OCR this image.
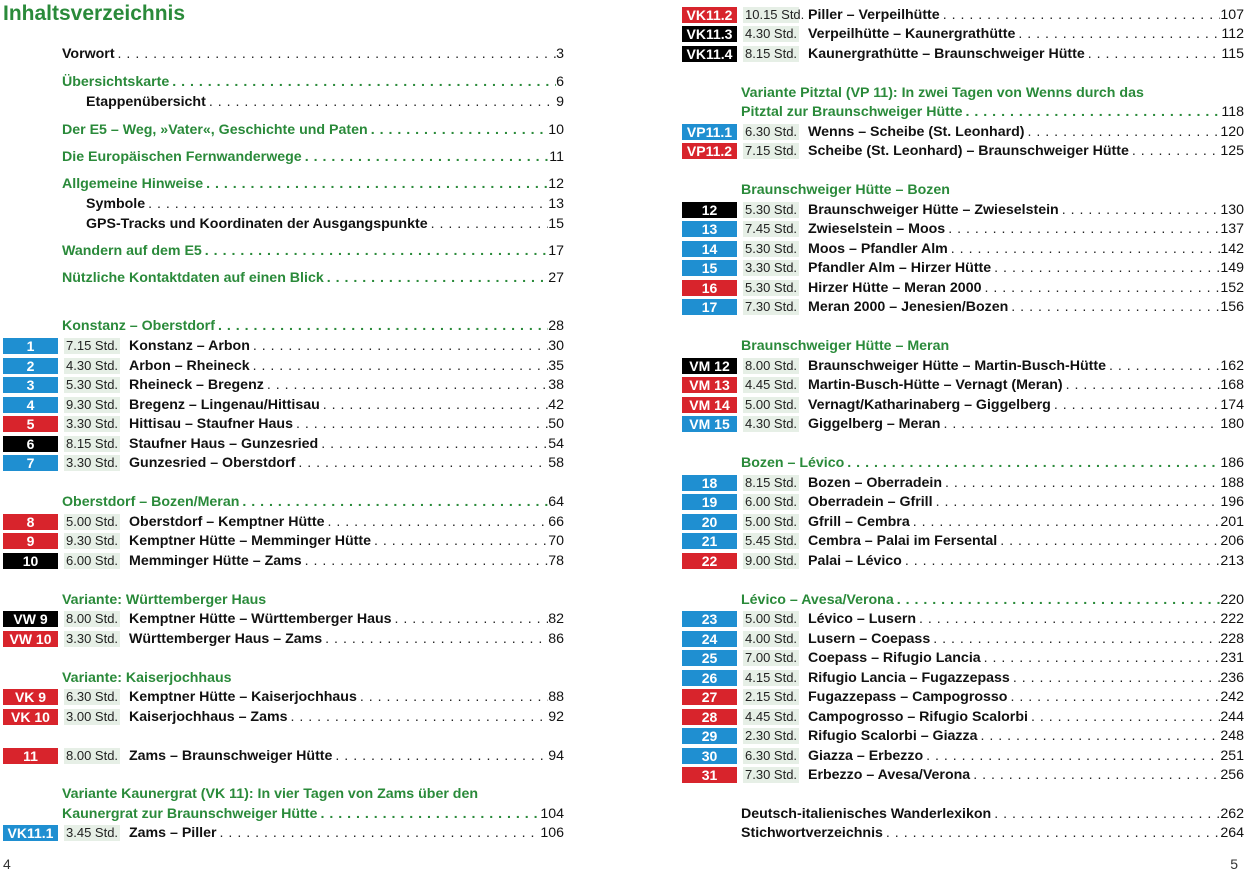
Inhaltsverzeichnis
Vorwort . . .	3
Übersichtskarte . . .	6
Etappenübersicht . . .	9
Der E5 – Weg, »Vater«, Geschichte und Paten . . .	10
Die Europäischen Fernwanderwege . . .	11
Allgemeine Hinweise . . .	12
Symbole . . .	13
GPS-Tracks und Koordinaten der Ausgangspunkte . . .	15
Wandern auf dem E5 . . .	17
Nützliche Kontaktdaten auf einen Blick . . .	27
Konstanz – Oberstdorf . . .	28
1	7.15 Std. Konstanz – Arbon . . .	30
2	4.30 Std. Arbon – Rheineck . . .	35
3	5.30 Std. Rheineck – Bregenz . . .	38
4	9.30 Std. Bregenz – Lingenau/Hittisau . . .	42
5	3.30 Std. Hittisau – Staufner Haus . . .	50
6	8.15 Std. Staufner Haus – Gunzesried . . .	54
7	3.30 Std. Gunzesried – Oberstdorf . . .	58
Oberstdorf – Bozen/Meran . . .	64
8	5.00 Std. Oberstdorf – Kemptner Hütte . . .	66
9	9.30 Std. Kemptner Hütte – Memminger Hütte . . .	70
10	6.00 Std. Memminger Hütte – Zams . . .	78
Variante: Württemberger Haus
VW 9	8.00 Std. Kemptner Hütte – Württemberger Haus . . .	82
VW 10	3.30 Std. Württemberger Haus – Zams . . .	86
Variante: Kaiserjochhaus
VK 9	6.30 Std. Kemptner Hütte – Kaiserjochhaus . . .	88
VK 10	3.00 Std. Kaiserjochhaus – Zams . . .	92
11	8.00 Std. Zams – Braunschweiger Hütte . . .	94
Variante Kaunergrat (VK 11): In vier Tagen von Zams über den
Kaunergrat zur Braunschweiger Hütte . . .	104
VK11.1 3.45 Std. Zams – Piller . . .	106
4
VK11.2 10.15 Std. Piller – Verpeilhütte . . .	107
VK11.3 4.30 Std. Verpeilhütte – Kaunergrathütte . . .	112
VK11.4 8.15 Std. Kaunergrathütte – Braunschweiger Hütte . . .	115
Variante Pitztal (VP 11): In zwei Tagen von Wenns durch das
Pitztal zur Braunschweiger Hütte . . .	118
VP11.1 6.30 Std. Wenns – Scheibe (St. Leonhard) . . .	120
VP11.2 7.15 Std. Scheibe (St. Leonhard) – Braunschweiger Hütte . . .	125
Braunschweiger Hütte – Bozen
12	5.30 Std. Braunschweiger Hütte – Zwieselstein . . .	130
13	7.45 Std. Zwieselstein – Moos . . .	137
14	5.30 Std. Moos – Pfandler Alm . . .	142
15	3.30 Std. Pfandler Alm – Hirzer Hütte . . .	149
16	5.30 Std. Hirzer Hütte – Meran 2000 . . .	152
17	7.30 Std. Meran 2000 – Jenesien/Bozen . . .	156
Braunschweiger Hütte – Meran
VM 12	8.00 Std. Braunschweiger Hütte – Martin-Busch-Hütte . . .	162
VM 13	4.45 Std. Martin-Busch-Hütte – Vernagt (Meran) . . .	168
VM 14	5.00 Std. Vernagt/Katharinaberg – Giggelberg . . .	174
VM 15	4.30 Std. Giggelberg – Meran . . .	180
Bozen – Lévico . . .	186
18	8.15 Std. Bozen – Oberradein . . .	188
19	6.00 Std. Oberradein – Gfrill . . .	196
20	5.00 Std. Gfrill – Cembra . . .	201
21	5.45 Std. Cembra – Palai im Fersental . . .	206
22	9.00 Std. Palai – Lévico . . .	213
Lévico – Avesa/Verona . . .	220
23	5.00 Std. Lévico – Lusern . . .	222
24	4.00 Std. Lusern – Coepass . . .	228
25	7.00 Std. Coepass – Rifugio Lancia . . .	231
26	4.15 Std. Rifugio Lancia – Fugazzepass . . .	236
27	2.15 Std. Fugazzepass – Campogrosso . . .	242
28	4.45 Std. Campogrosso – Rifugio Scalorbi . . .	244
29	2.30 Std. Rifugio Scalorbi – Giazza . . .	248
30	6.30 Std. Giazza – Erbezzo . . .	251
31	7.30 Std. Erbezzo – Avesa/Verona . . .	256
Deutsch-italienisches Wanderlexikon . . .	262
Stichwortverzeichnis . . .	264
5
